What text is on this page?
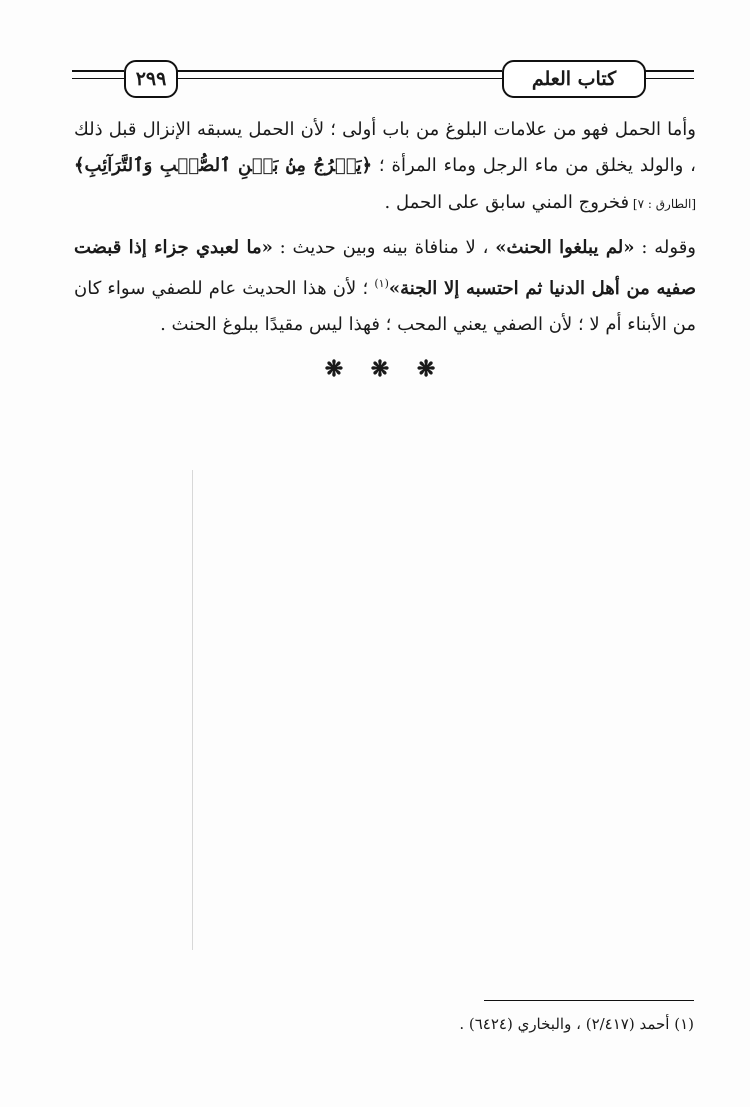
٢٩٩	كتاب العلم

وأما الحمل فهو من علامات البلوغ من باب أولى ؛ لأن الحمل يسبقه الإنزال قبل ذلك ، والولد يخلق من ماء الرجل وماء المرأة ؛ ﴿يَخۡرُجُ مِنۢ بَيۡنِ ٱلصُّلۡبِ وَٱلتَّرَآئِبِ﴾ [الطارق : ٧] فخروج المني سابق على الحمل .

وقوله : «لم يبلغوا الحنث» ، لا منافاة بينه وبين حديث : «ما لعبدي جزاء إذا قبضت صفيه من أهل الدنيا ثم احتسبه إلا الجنة»$^{(١)}$ ؛ لأن هذا الحديث عام للصفي سواء كان من الأبناء أم لا ؛ لأن الصفي يعني المحب ؛ فهذا ليس مقيدًا ببلوغ الحنث .

❋ ❋ ❋
(١) أحمد (٢/٤١٧) ، والبخاري (٦٤٢٤) .
